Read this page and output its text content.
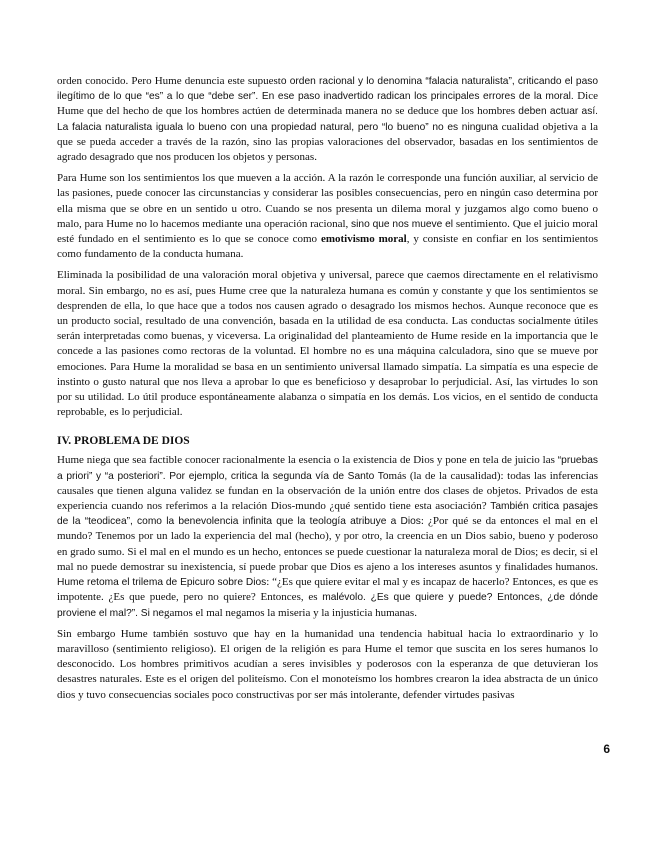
orden conocido. Pero Hume denuncia este supuesto orden racional y lo denomina “falacia naturalista”, criticando el paso ilegítimo de lo que “es” a lo que “debe ser”. En ese paso inadvertido radican los principales errores de la moral. Dice Hume que del hecho de que los hombres actúen de determinada manera no se deduce que los hombres deben actuar así. La falacia naturalista iguala lo bueno con una propiedad natural, pero “lo bueno” no es ninguna cualidad objetiva a la que se pueda acceder a través de la razón, sino las propias valoraciones del observador, basadas en los sentimientos de agrado desagrado que nos producen los objetos y personas.

Para Hume son los sentimientos los que mueven a la acción. A la razón le corresponde una función auxiliar, al servicio de las pasiones, puede conocer las circunstancias y considerar las posibles consecuencias, pero en ningún caso determina por ella misma que se obre en un sentido u otro. Cuando se nos presenta un dilema moral y juzgamos algo como bueno o malo, para Hume no lo hacemos mediante una operación racional, sino que nos mueve el sentimiento. Que el juicio moral esté fundado en el sentimiento es lo que se conoce como emotivismo moral, y consiste en confiar en los sentimientos como fundamento de la conducta humana.

Eliminada la posibilidad de una valoración moral objetiva y universal, parece que caemos directamente en el relativismo moral. Sin embargo, no es así, pues Hume cree que la naturaleza humana es común y constante y que los sentimientos se desprenden de ella, lo que hace que a todos nos causen agrado o desagrado los mismos hechos. Aunque reconoce que es un producto social, resultado de una convención, basada en la utilidad de esa conducta. Las conductas socialmente útiles serán interpretadas como buenas, y viceversa. La originalidad del planteamiento de Hume reside en la importancia que le concede a las pasiones como rectoras de la voluntad. El hombre no es una máquina calculadora, sino que se mueve por emociones. Para Hume la moralidad se basa en un sentimiento universal llamado simpatía. La simpatía es una especie de instinto o gusto natural que nos lleva a aprobar lo que es beneficioso y desaprobar lo perjudicial. Así, las virtudes lo son por su utilidad. Lo útil produce espontáneamente alabanza o simpatía en los demás. Los vicios, en el sentido de conducta reprobable, es lo perjudicial.

IV. PROBLEMA DE DIOS

Hume niega que sea factible conocer racionalmente la esencia o la existencia de Dios y pone en tela de juicio las “pruebas a priori” y “a posteriori”. Por ejemplo, critica la segunda vía de Santo Tomás (la de la causalidad): todas las inferencias causales que tienen alguna validez se fundan en la observación de la unión entre dos clases de objetos. Privados de esta experiencia cuando nos referimos a la relación Dios-mundo ¿qué sentido tiene esta asociación? También critica pasajes de la “teodicea”, como la benevolencia infinita que la teología atribuye a Dios: ¿Por qué se da entonces el mal en el mundo? Tenemos por un lado la experiencia del mal (hecho), y por otro, la creencia en un Dios sabio, bueno y poderoso en grado sumo. Si el mal en el mundo es un hecho, entonces se puede cuestionar la naturaleza moral de Dios; es decir, si el mal no puede demostrar su inexistencia, sí puede probar que Dios es ajeno a los intereses asuntos y finalidades humanos. Hume retoma el trilema de Epicuro sobre Dios: “¿Es que quiere evitar el mal y es incapaz de hacerlo? Entonces, es que es impotente. ¿Es que puede, pero no quiere? Entonces, es malévolo. ¿Es que quiere y puede? Entonces, ¿de dónde proviene el mal?”. Si negamos el mal negamos la miseria y la injusticia humanas.

Sin embargo Hume también sostuvo que hay en la humanidad una tendencia habitual hacia lo extraordinario y lo maravilloso (sentimiento religioso). El origen de la religión es para Hume el temor que suscita en los seres humanos lo desconocido. Los hombres primitivos acudían a seres invisibles y poderosos con la esperanza de que detuvieran los desastres naturales. Este es el origen del politeísmo. Con el monoteísmo los hombres crearon la idea abstracta de un único dios y tuvo consecuencias sociales poco constructivas por ser más intolerante, defender virtudes pasivas

6
